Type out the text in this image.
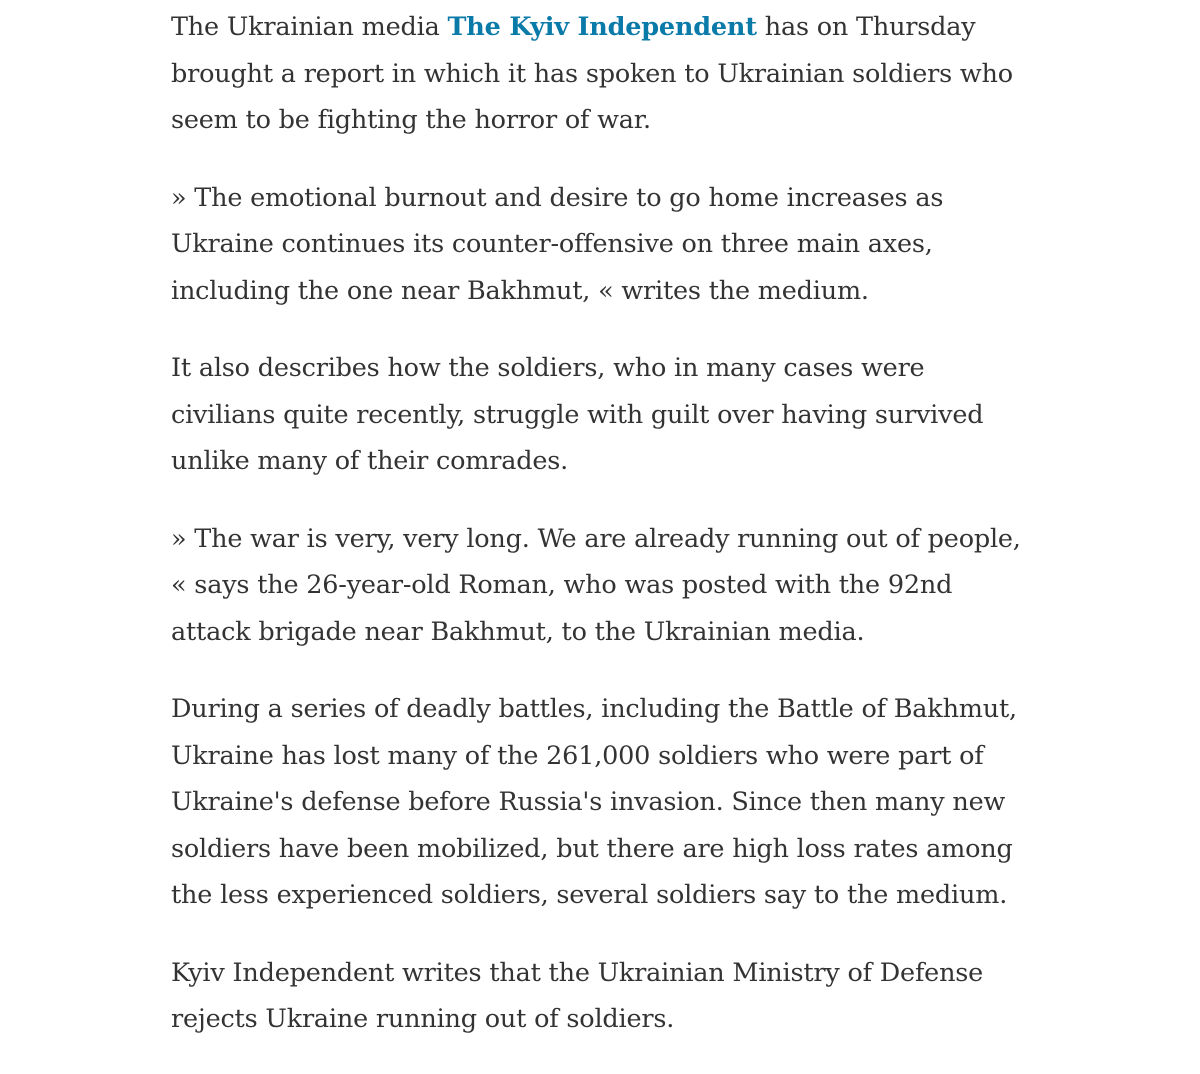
The Ukrainian media The Kyiv Independent has on Thursday brought a report in which it has spoken to Ukrainian soldiers who seem to be fighting the horror of war.

» The emotional burnout and desire to go home increases as Ukraine continues its counter-offensive on three main axes, including the one near Bakhmut, « writes the medium.

It also describes how the soldiers, who in many cases were civilians quite recently, struggle with guilt over having survived unlike many of their comrades.

» The war is very, very long. We are already running out of people, « says the 26-year-old Roman, who was posted with the 92nd attack brigade near Bakhmut, to the Ukrainian media.

During a series of deadly battles, including the Battle of Bakhmut, Ukraine has lost many of the 261,000 soldiers who were part of Ukraine's defense before Russia's invasion. Since then many new soldiers have been mobilized, but there are high loss rates among the less experienced soldiers, several soldiers say to the medium.

Kyiv Independent writes that the Ukrainian Ministry of Defense rejects Ukraine running out of soldiers.
